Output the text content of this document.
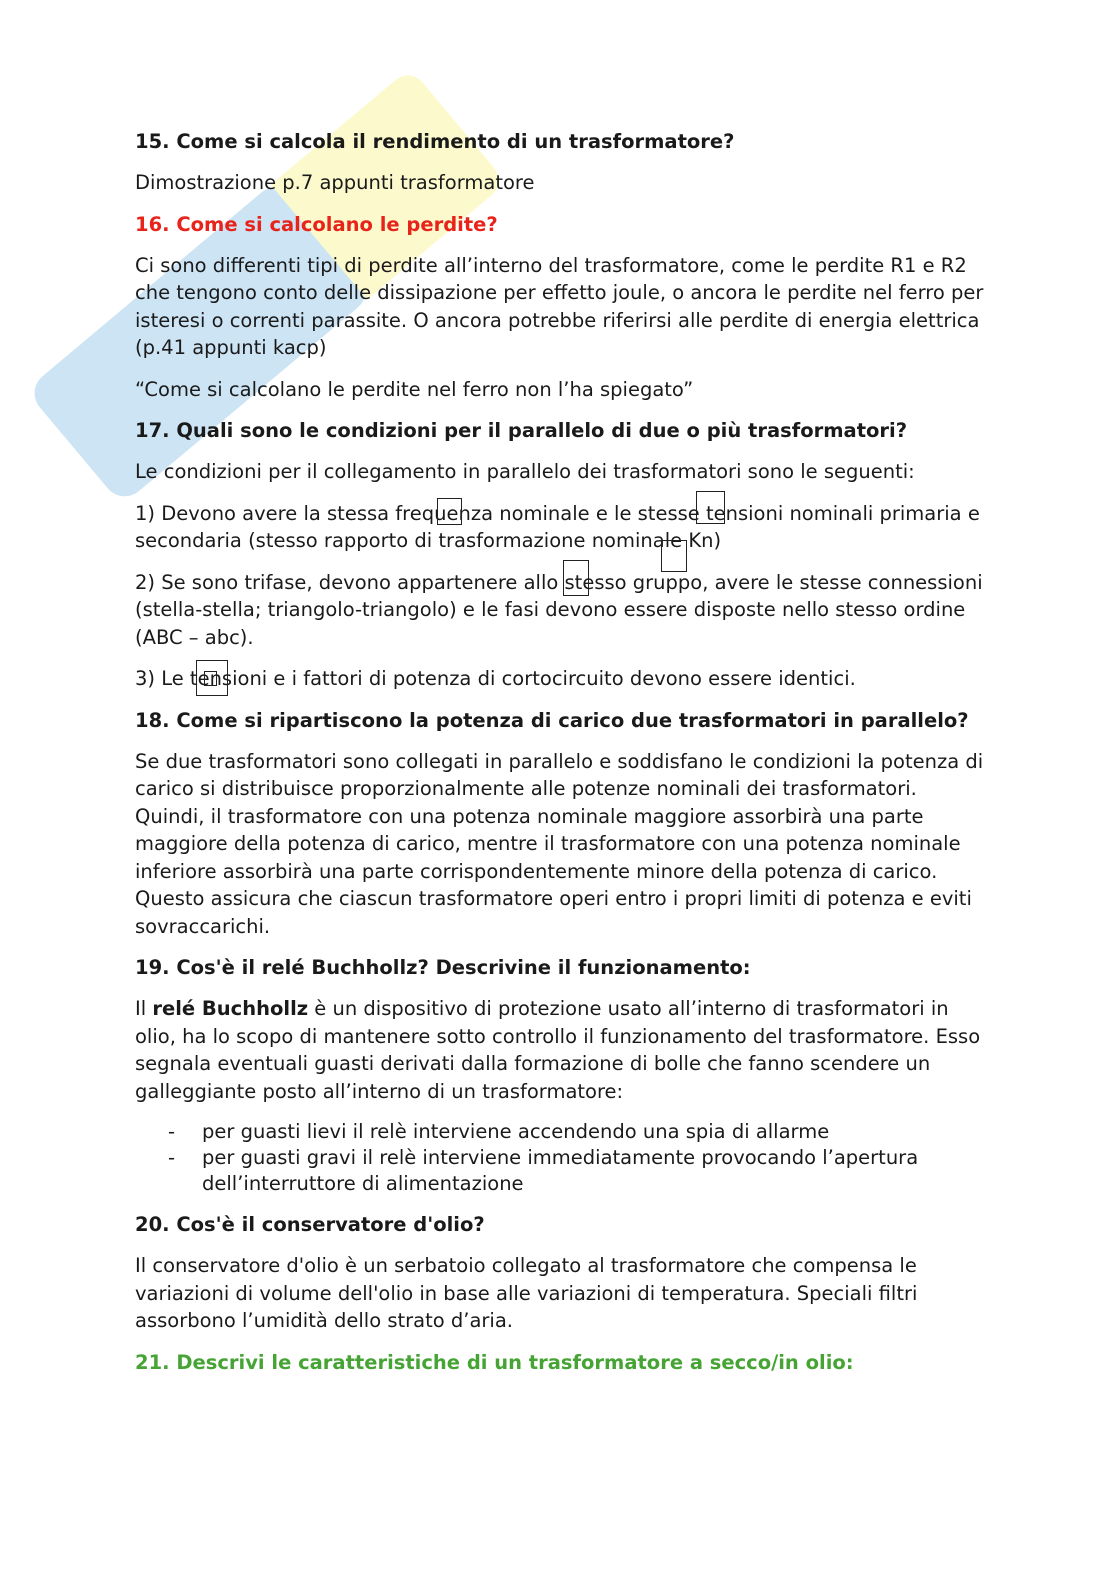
15. Come si calcola il rendimento di un trasformatore?
Dimostrazione p.7 appunti trasformatore
16. Come si calcolano le perdite?
Ci sono differenti tipi di perdite all’interno del trasformatore, come le perdite R1 e R2 che tengono conto delle dissipazione per effetto joule, o ancora le perdite nel ferro per isteresi o correnti parassite. O ancora potrebbe riferirsi alle perdite di energia elettrica (p.41 appunti kacp)
“Come si calcolano le perdite nel ferro non l’ha spiegato”
17. Quali sono le condizioni per il parallelo di due o più trasformatori?
Le condizioni per il collegamento in parallelo dei trasformatori sono le seguenti:
1) Devono avere la stessa frequenza nominale e le stesse tensioni nominali primaria e secondaria (stesso rapporto di trasformazione nominale Kn)
2) Se sono trifase, devono appartenere allo stesso gruppo, avere le stesse connessioni (stella-stella; triangolo-triangolo) e le fasi devono essere disposte nello stesso ordine (ABC – abc).
3) Le tensioni e i fattori di potenza di cortocircuito devono essere identici.
18. Come si ripartiscono la potenza di carico due trasformatori in parallelo?
Se due trasformatori sono collegati in parallelo e soddisfano le condizioni la potenza di carico si distribuisce proporzionalmente alle potenze nominali dei trasformatori. Quindi, il trasformatore con una potenza nominale maggiore assorbirà una parte maggiore della potenza di carico, mentre il trasformatore con una potenza nominale inferiore assorbirà una parte corrispondentemente minore della potenza di carico. Questo assicura che ciascun trasformatore operi entro i propri limiti di potenza e eviti sovraccarichi.
19. Cos'è il relé Buchhollz? Descrivine il funzionamento:
Il relé Buchhollz è un dispositivo di protezione usato all’interno di trasformatori in olio, ha lo scopo di mantenere sotto controllo il funzionamento del trasformatore. Esso segnala eventuali guasti derivati dalla formazione di bolle che fanno scendere un galleggiante posto all’interno di un trasformatore:
- per guasti lievi il relè interviene accendendo una spia di allarme
- per guasti gravi il relè interviene immediatamente provocando l’apertura dell’interruttore di alimentazione
20. Cos'è il conservatore d'olio?
Il conservatore d'olio è un serbatoio collegato al trasformatore che compensa le variazioni di volume dell'olio in base alle variazioni di temperatura. Speciali filtri assorbono l’umidità dello strato d’aria.
21. Descrivi le caratteristiche di un trasformatore a secco/in olio:
